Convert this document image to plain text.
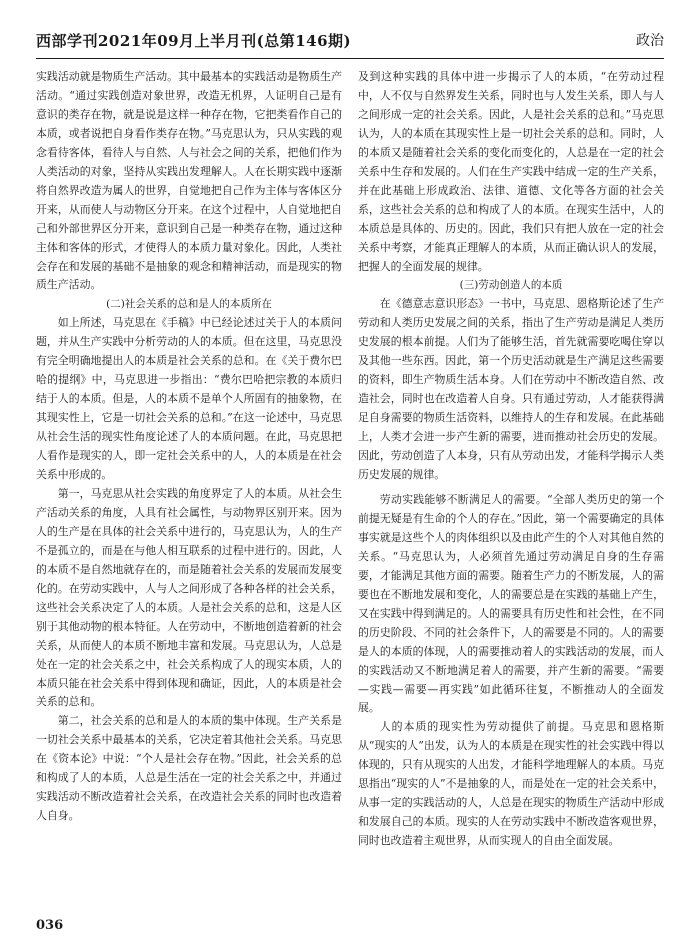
西部学刊2021年09月上半月刊(总第146期)	政治

实践活动就是物质生产活动。其中最基本的实践活动是物质生产活动。“通过实践创造对象世界，改造无机界，人证明自己是有意识的类存在物，就是说是这样一种存在物，它把类看作自己的本质，或者说把自身看作类存在物。”马克思认为，只从实践的观念看待客体，看待人与自然、人与社会之间的关系，把他们作为人类活动的对象，坚持从实践出发理解人。人在长期实践中逐渐将自然界改造为属人的世界，自觉地把自己作为主体与客体区分开来，从而使人与动物区分开来。在这个过程中，人自觉地把自己和外部世界区分开来，意识到自己是一种类存在物，通过这种主体和客体的形式，才使得人的本质力量对象化。因此，人类社会存在和发展的基础不是抽象的观念和精神活动，而是现实的物质生产活动。

(二)社会关系的总和是人的本质所在

如上所述，马克思在《手稿》中已经论述过关于人的本质问题，并从生产实践中分析劳动的人的本质。但在这里，马克思没有完全明确地提出人的本质是社会关系的总和。在《关于费尔巴哈的提纲》中，马克思进一步指出：“费尔巴哈把宗教的本质归结于人的本质。但是，人的本质不是单个人所固有的抽象物，在其现实性上，它是一切社会关系的总和。”在这一论述中，马克思从社会生活的现实性角度论述了人的本质问题。在此，马克思把人看作是现实的人，即一定社会关系中的人，人的本质是在社会关系中形成的。

第一，马克思从社会实践的角度界定了人的本质。从社会生产活动关系的角度，人具有社会属性，与动物界区别开来。因为人的生产是在具体的社会关系中进行的，马克思认为，人的生产不是孤立的，而是在与他人相互联系的过程中进行的。因此，人的本质不是自然地就存在的，而是随着社会关系的发展而发展变化的。在劳动实践中，人与人之间形成了各种各样的社会关系，这些社会关系决定了人的本质。人是社会关系的总和，这是人区别于其他动物的根本特征。人在劳动中，不断地创造着新的社会关系，从而使人的本质不断地丰富和发展。马克思认为，人总是处在一定的社会关系之中，社会关系构成了人的现实本质，人的本质只能在社会关系中得到体现和确证，因此，人的本质是社会关系的总和。

第二，社会关系的总和是人的本质的集中体现。生产关系是一切社会关系中最基本的关系，它决定着其他社会关系。马克思在《资本论》中说：“个人是社会存在物。”因此，社会关系的总和构成了人的本质，人总是生活在一定的社会关系之中，并通过实践活动不断改造着社会关系，在改造社会关系的同时也改造着人自身。

及到这种实践的具体中进一步揭示了人的本质，“在劳动过程中，人不仅与自然界发生关系，同时也与人发生关系，即人与人之间形成一定的社会关系。因此，人是社会关系的总和。”马克思认为，人的本质在其现实性上是一切社会关系的总和。同时，人的本质又是随着社会关系的变化而变化的，人总是在一定的社会关系中生存和发展的。人们在生产实践中结成一定的生产关系，并在此基础上形成政治、法律、道德、文化等各方面的社会关系，这些社会关系的总和构成了人的本质。在现实生活中，人的本质总是具体的、历史的。因此，我们只有把人放在一定的社会关系中考察，才能真正理解人的本质，从而正确认识人的发展，把握人的全面发展的规律。

(三)劳动创造人的本质

在《德意志意识形态》一书中，马克思、恩格斯论述了生产劳动和人类历史发展之间的关系，指出了生产劳动是满足人类历史发展的根本前提。人们为了能够生活，首先就需要吃喝住穿以及其他一些东西。因此，第一个历史活动就是生产满足这些需要的资料，即生产物质生活本身。人们在劳动中不断改造自然、改造社会，同时也在改造着人自身。只有通过劳动，人才能获得满足自身需要的物质生活资料，以维持人的生存和发展。在此基础上，人类才会进一步产生新的需要，进而推动社会历史的发展。因此，劳动创造了人本身，只有从劳动出发，才能科学揭示人类历史发展的规律。

劳动实践能够不断满足人的需要。“全部人类历史的第一个前提无疑是有生命的个人的存在。”因此，第一个需要确定的具体事实就是这些个人的肉体组织以及由此产生的个人对其他自然的关系。“马克思认为，人必须首先通过劳动满足自身的生存需要，才能满足其他方面的需要。随着生产力的不断发展，人的需要也在不断地发展和变化，人的需要总是在实践的基础上产生，又在实践中得到满足的。人的需要具有历史性和社会性，在不同的历史阶段、不同的社会条件下，人的需要是不同的。人的需要是人的本质的体现，人的需要推动着人的实践活动的发展，而人的实践活动又不断地满足着人的需要，并产生新的需要。“需要—实践—需要—再实践”如此循环往复，不断推动人的全面发展。

人的本质的现实性为劳动提供了前提。马克思和恩格斯从“现实的人”出发，认为人的本质是在现实性的社会实践中得以体现的，只有从现实的人出发，才能科学地理解人的本质。马克思指出“现实的人”不是抽象的人，而是处在一定的社会关系中，从事一定的实践活动的人，人总是在现实的物质生产活动中形成和发展自己的本质。现实的人在劳动实践中不断改造客观世界，同时也改造着主观世界，从而实现人的自由全面发展。

036
